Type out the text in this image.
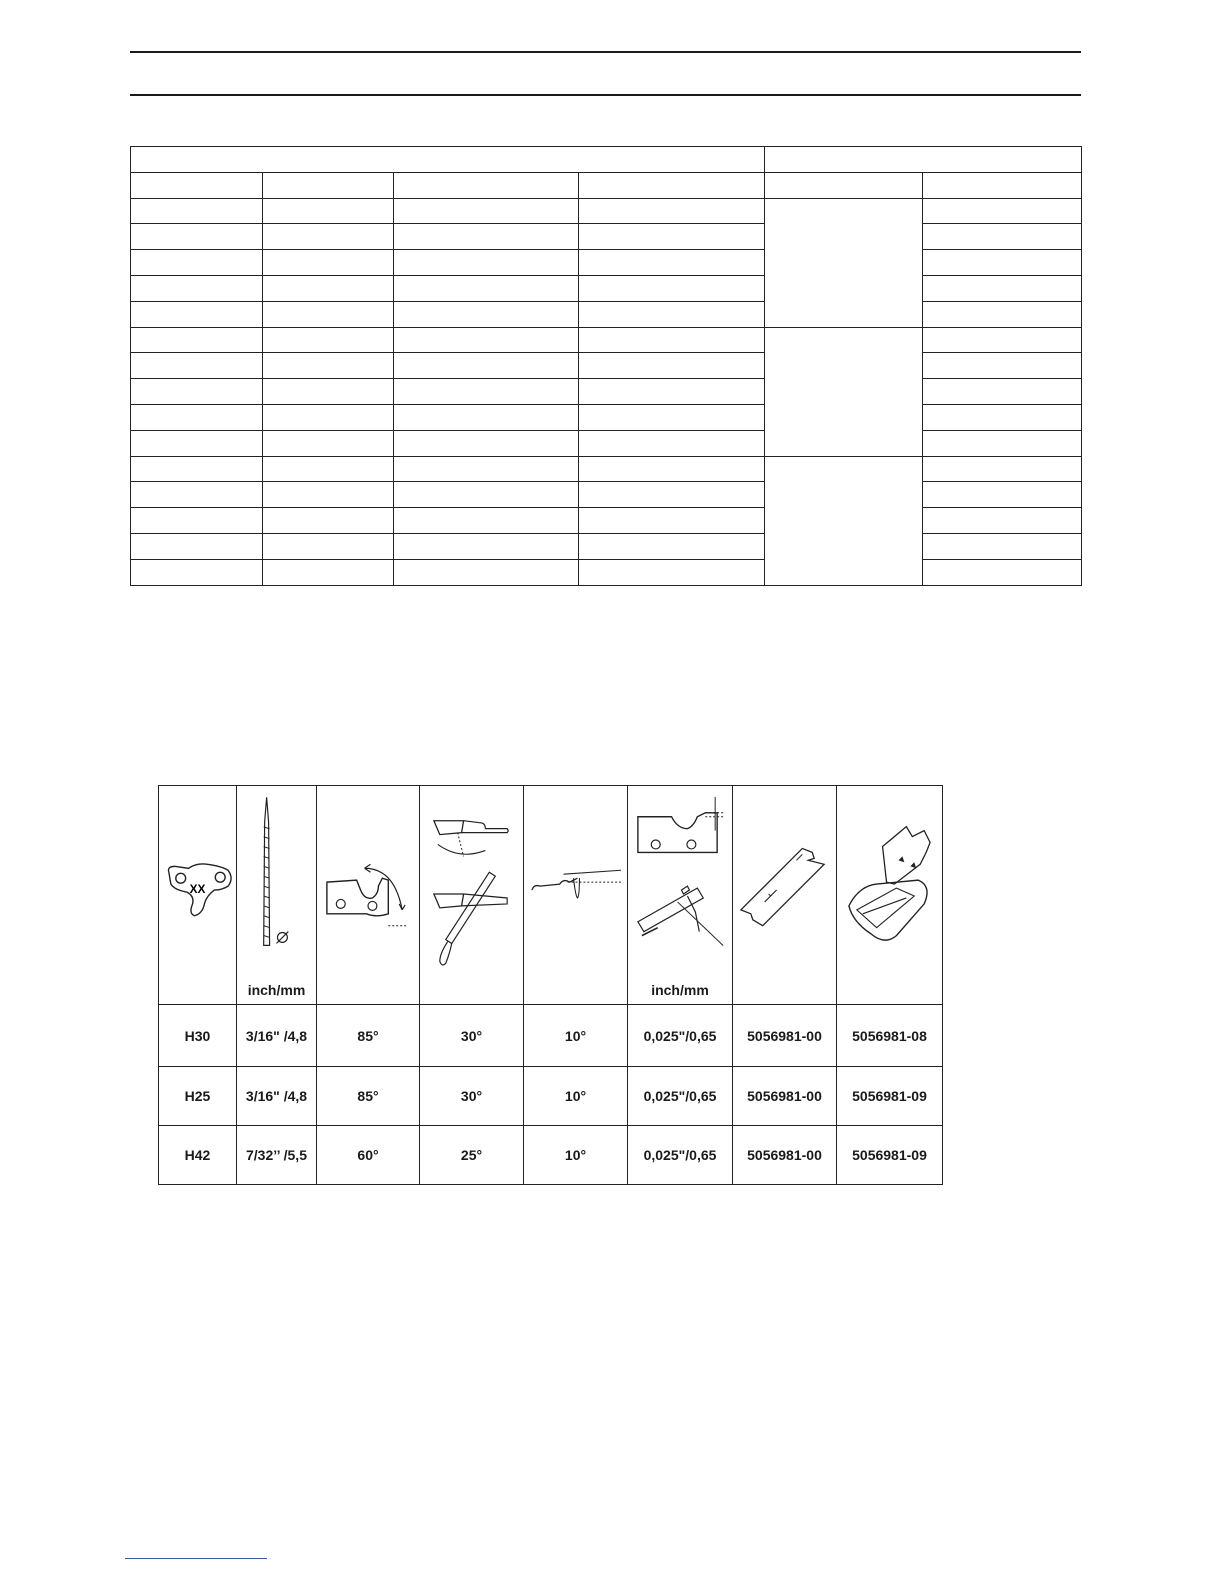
XX	inch/mm				inch/mm

H30	3/16" /4,8	85°	30°	10°	0,025"/0,65	5056981-00	5056981-08
H25	3/16" /4,8	85°	30°	10°	0,025"/0,65	5056981-00	5056981-09
H42	7/32’’ /5,5	60°	25°	10°	0,025"/0,65	5056981-00	5056981-09
